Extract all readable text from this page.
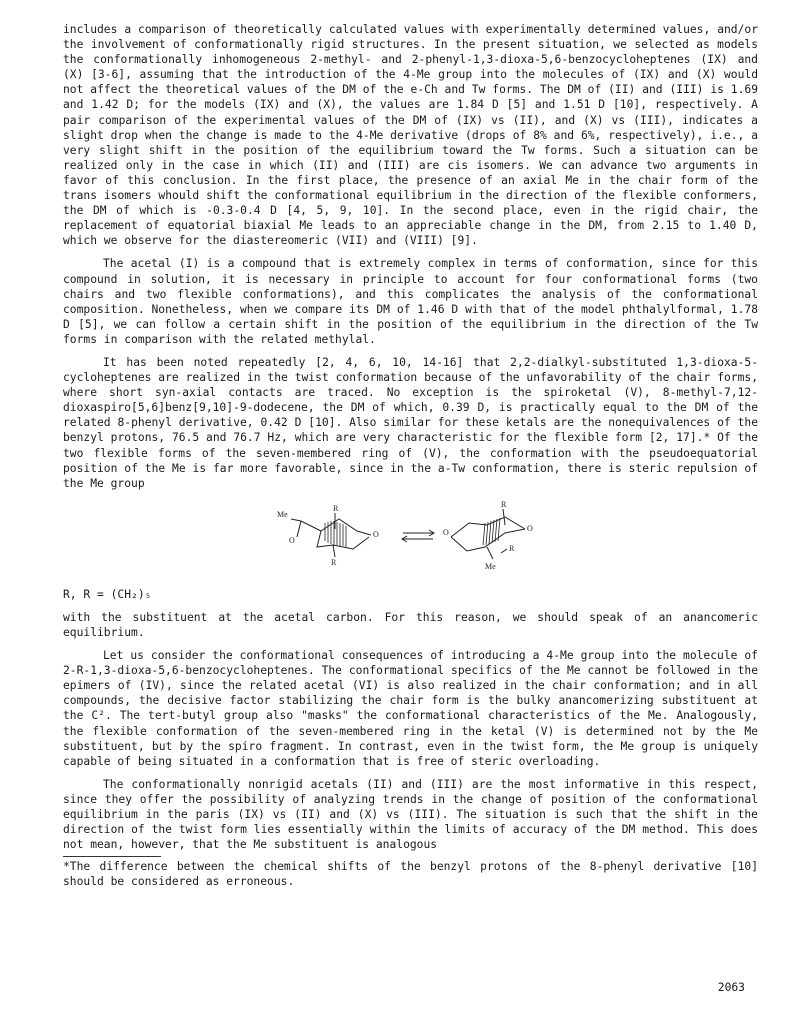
includes a comparison of theoretically calculated values with experimentally determined values, and/or the involvement of conformationally rigid structures. In the present situation, we selected as models the conformationally inhomogeneous 2-methyl- and 2-phenyl-1,3-dioxa-5,6-benzocycloheptenes (IX) and (X) [3-6], assuming that the introduction of the 4-Me group into the molecules of (IX) and (X) would not affect the theoretical values of the DM of the e-Ch and Tw forms. The DM of (II) and (III) is 1.69 and 1.42 D; for the models (IX) and (X), the values are 1.84 D [5] and 1.51 D [10], respectively. A pair comparison of the experimental values of the DM of (IX) vs (II), and (X) vs (III), indicates a slight drop when the change is made to the 4-Me derivative (drops of 8% and 6%, respectively), i.e., a very slight shift in the position of the equilibrium toward the Tw forms. Such a situation can be realized only in the case in which (II) and (III) are cis isomers. We can advance two arguments in favor of this conclusion. In the first place, the presence of an axial Me in the chair form of the trans isomers whould shift the conformational equilibrium in the direction of the flexible conformers, the DM of which is -0.3-0.4 D [4, 5, 9, 10]. In the second place, even in the rigid chair, the replacement of equatorial biaxial Me leads to an appreciable change in the DM, from 2.15 to 1.40 D, which we observe for the diastereomeric (VII) and (VIII) [9].

The acetal (I) is a compound that is extremely complex in terms of conformation, since for this compound in solution, it is necessary in principle to account for four conformational forms (two chairs and two flexible conformations), and this complicates the analysis of the conformational composition. Nonetheless, when we compare its DM of 1.46 D with that of the model phthalylformal, 1.78 D [5], we can follow a certain shift in the position of the equilibrium in the direction of the Tw forms in comparison with the related methylal.

It has been noted repeatedly [2, 4, 6, 10, 14-16] that 2,2-dialkyl-substituted 1,3-dioxa-5-cycloheptenes are realized in the twist conformation because of the unfavorability of the chair forms, where short syn-axial contacts are traced. No exception is the spiroketal (V), 8-methyl-7,12-dioxaspiro[5,6]benz[9,10]-9-dodecene, the DM of which, 0.39 D, is practically equal to the DM of the related 8-phenyl derivative, 0.42 D [10]. Also similar for these ketals are the nonequivalences of the benzyl protons, 76.5 and 76.7 Hz, which are very characteristic for the flexible form [2, 17].* Of the two flexible forms of the seven-membered ring of (V), the conformation with the pseudoequatorial position of the Me is far more favorable, since in the a-Tw conformation, there is steric repulsion of the Me group

Me
O
R
R
O	O
R
R
O
Me

R, R = (CH₂)₅

with the substituent at the acetal carbon. For this reason, we should speak of an anancomeric equilibrium.

Let us consider the conformational consequences of introducing a 4-Me group into the molecule of 2-R-1,3-dioxa-5,6-benzocycloheptenes. The conformational specifics of the Me cannot be followed in the epimers of (IV), since the related acetal (VI) is also realized in the chair conformation; and in all compounds, the decisive factor stabilizing the chair form is the bulky anancomerizing substituent at the C². The tert-butyl group also "masks" the conformational characteristics of the Me. Analogously, the flexible conformation of the seven-membered ring in the ketal (V) is determined not by the Me substituent, but by the spiro fragment. In contrast, even in the twist form, the Me group is uniquely capable of being situated in a conformation that is free of steric overloading.

The conformationally nonrigid acetals (II) and (III) are the most informative in this respect, since they offer the possibility of analyzing trends in the change of position of the conformational equilibrium in the paris (IX) vs (II) and (X) vs (III). The situation is such that the shift in the direction of the twist form lies essentially within the limits of accuracy of the DM method. This does not mean, however, that the Me substituent is analogous

*The difference between the chemical shifts of the benzyl protons of the 8-phenyl derivative [10] should be considered as erroneous.

2063
